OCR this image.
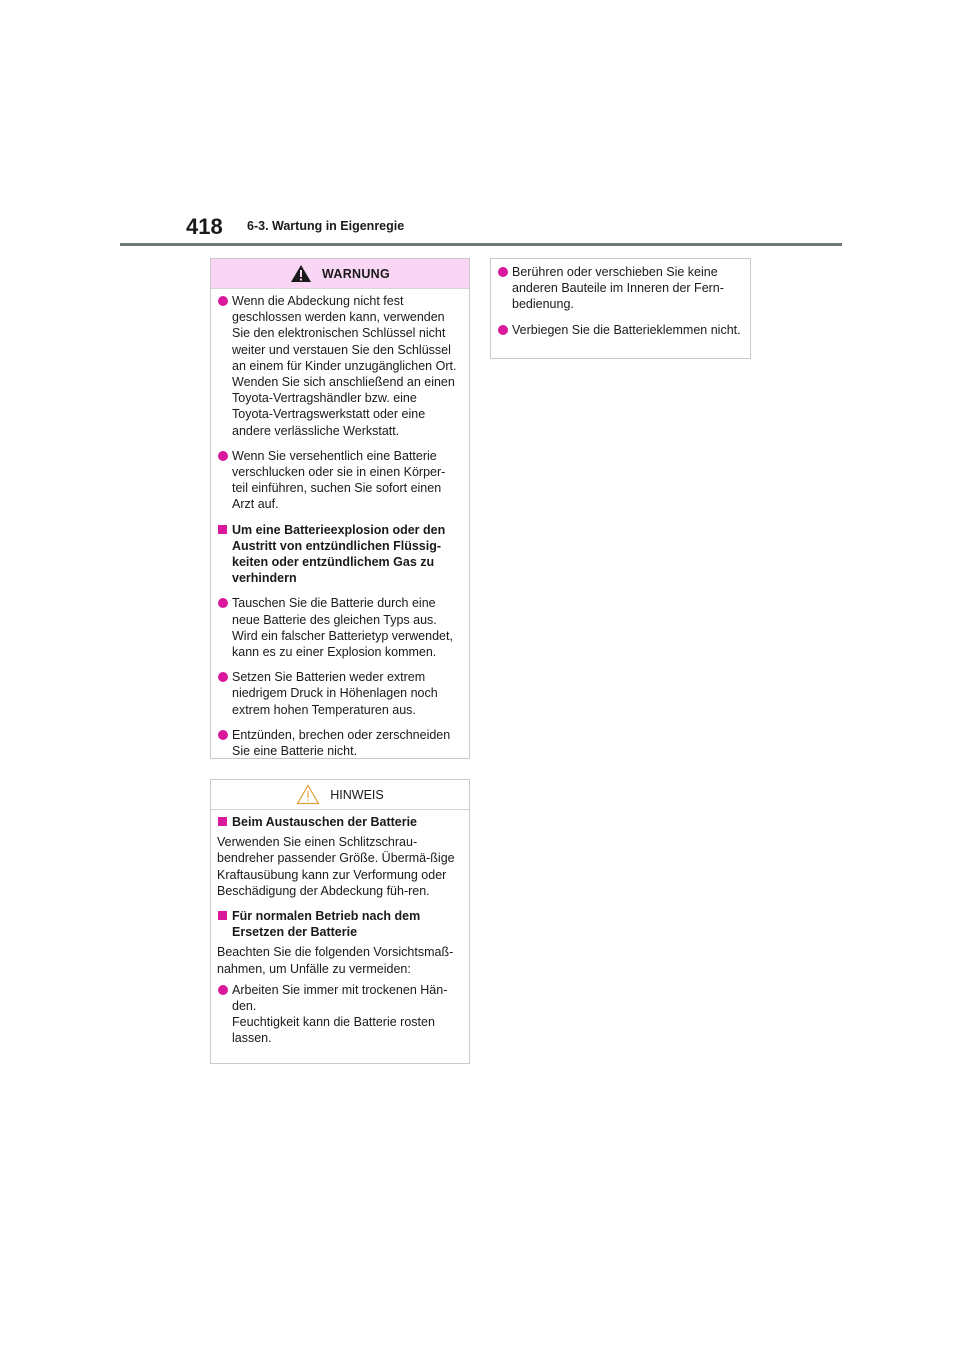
418 6-3. Wartung in Eigenregie
WARNUNG
Wenn die Abdeckung nicht fest geschlossen werden kann, verwenden Sie den elektronischen Schlüssel nicht weiter und verstauen Sie den Schlüssel an einem für Kinder unzugänglichen Ort. Wenden Sie sich anschließend an einen Toyota-Vertragshändler bzw. eine Toyota-Vertragswerkstatt oder eine andere verlässliche Werkstatt.
Wenn Sie versehentlich eine Batterie verschlucken oder sie in einen Körper-teil einführen, suchen Sie sofort einen Arzt auf.
Um eine Batterieexplosion oder den Austritt von entzündlichen Flüssig-keiten oder entzündlichem Gas zu verhindern
Tauschen Sie die Batterie durch eine neue Batterie des gleichen Typs aus. Wird ein falscher Batterietyp verwendet, kann es zu einer Explosion kommen.
Setzen Sie Batterien weder extrem niedrigem Druck in Höhenlagen noch extrem hohen Temperaturen aus.
Entzünden, brechen oder zerschneiden Sie eine Batterie nicht.
HINWEIS
Beim Austauschen der Batterie
Verwenden Sie einen Schlitzschrau-bendreher passender Größe. Übermä-ßige Kraftausübung kann zur Verformung oder Beschädigung der Abdeckung füh-ren.
Für normalen Betrieb nach dem Ersetzen der Batterie
Beachten Sie die folgenden Vorsichtsmaß-nahmen, um Unfälle zu vermeiden:
Arbeiten Sie immer mit trockenen Hän-den.
Feuchtigkeit kann die Batterie rosten lassen.
Berühren oder verschieben Sie keine anderen Bauteile im Inneren der Fern-bedienung.
Verbiegen Sie die Batterieklemmen nicht.
